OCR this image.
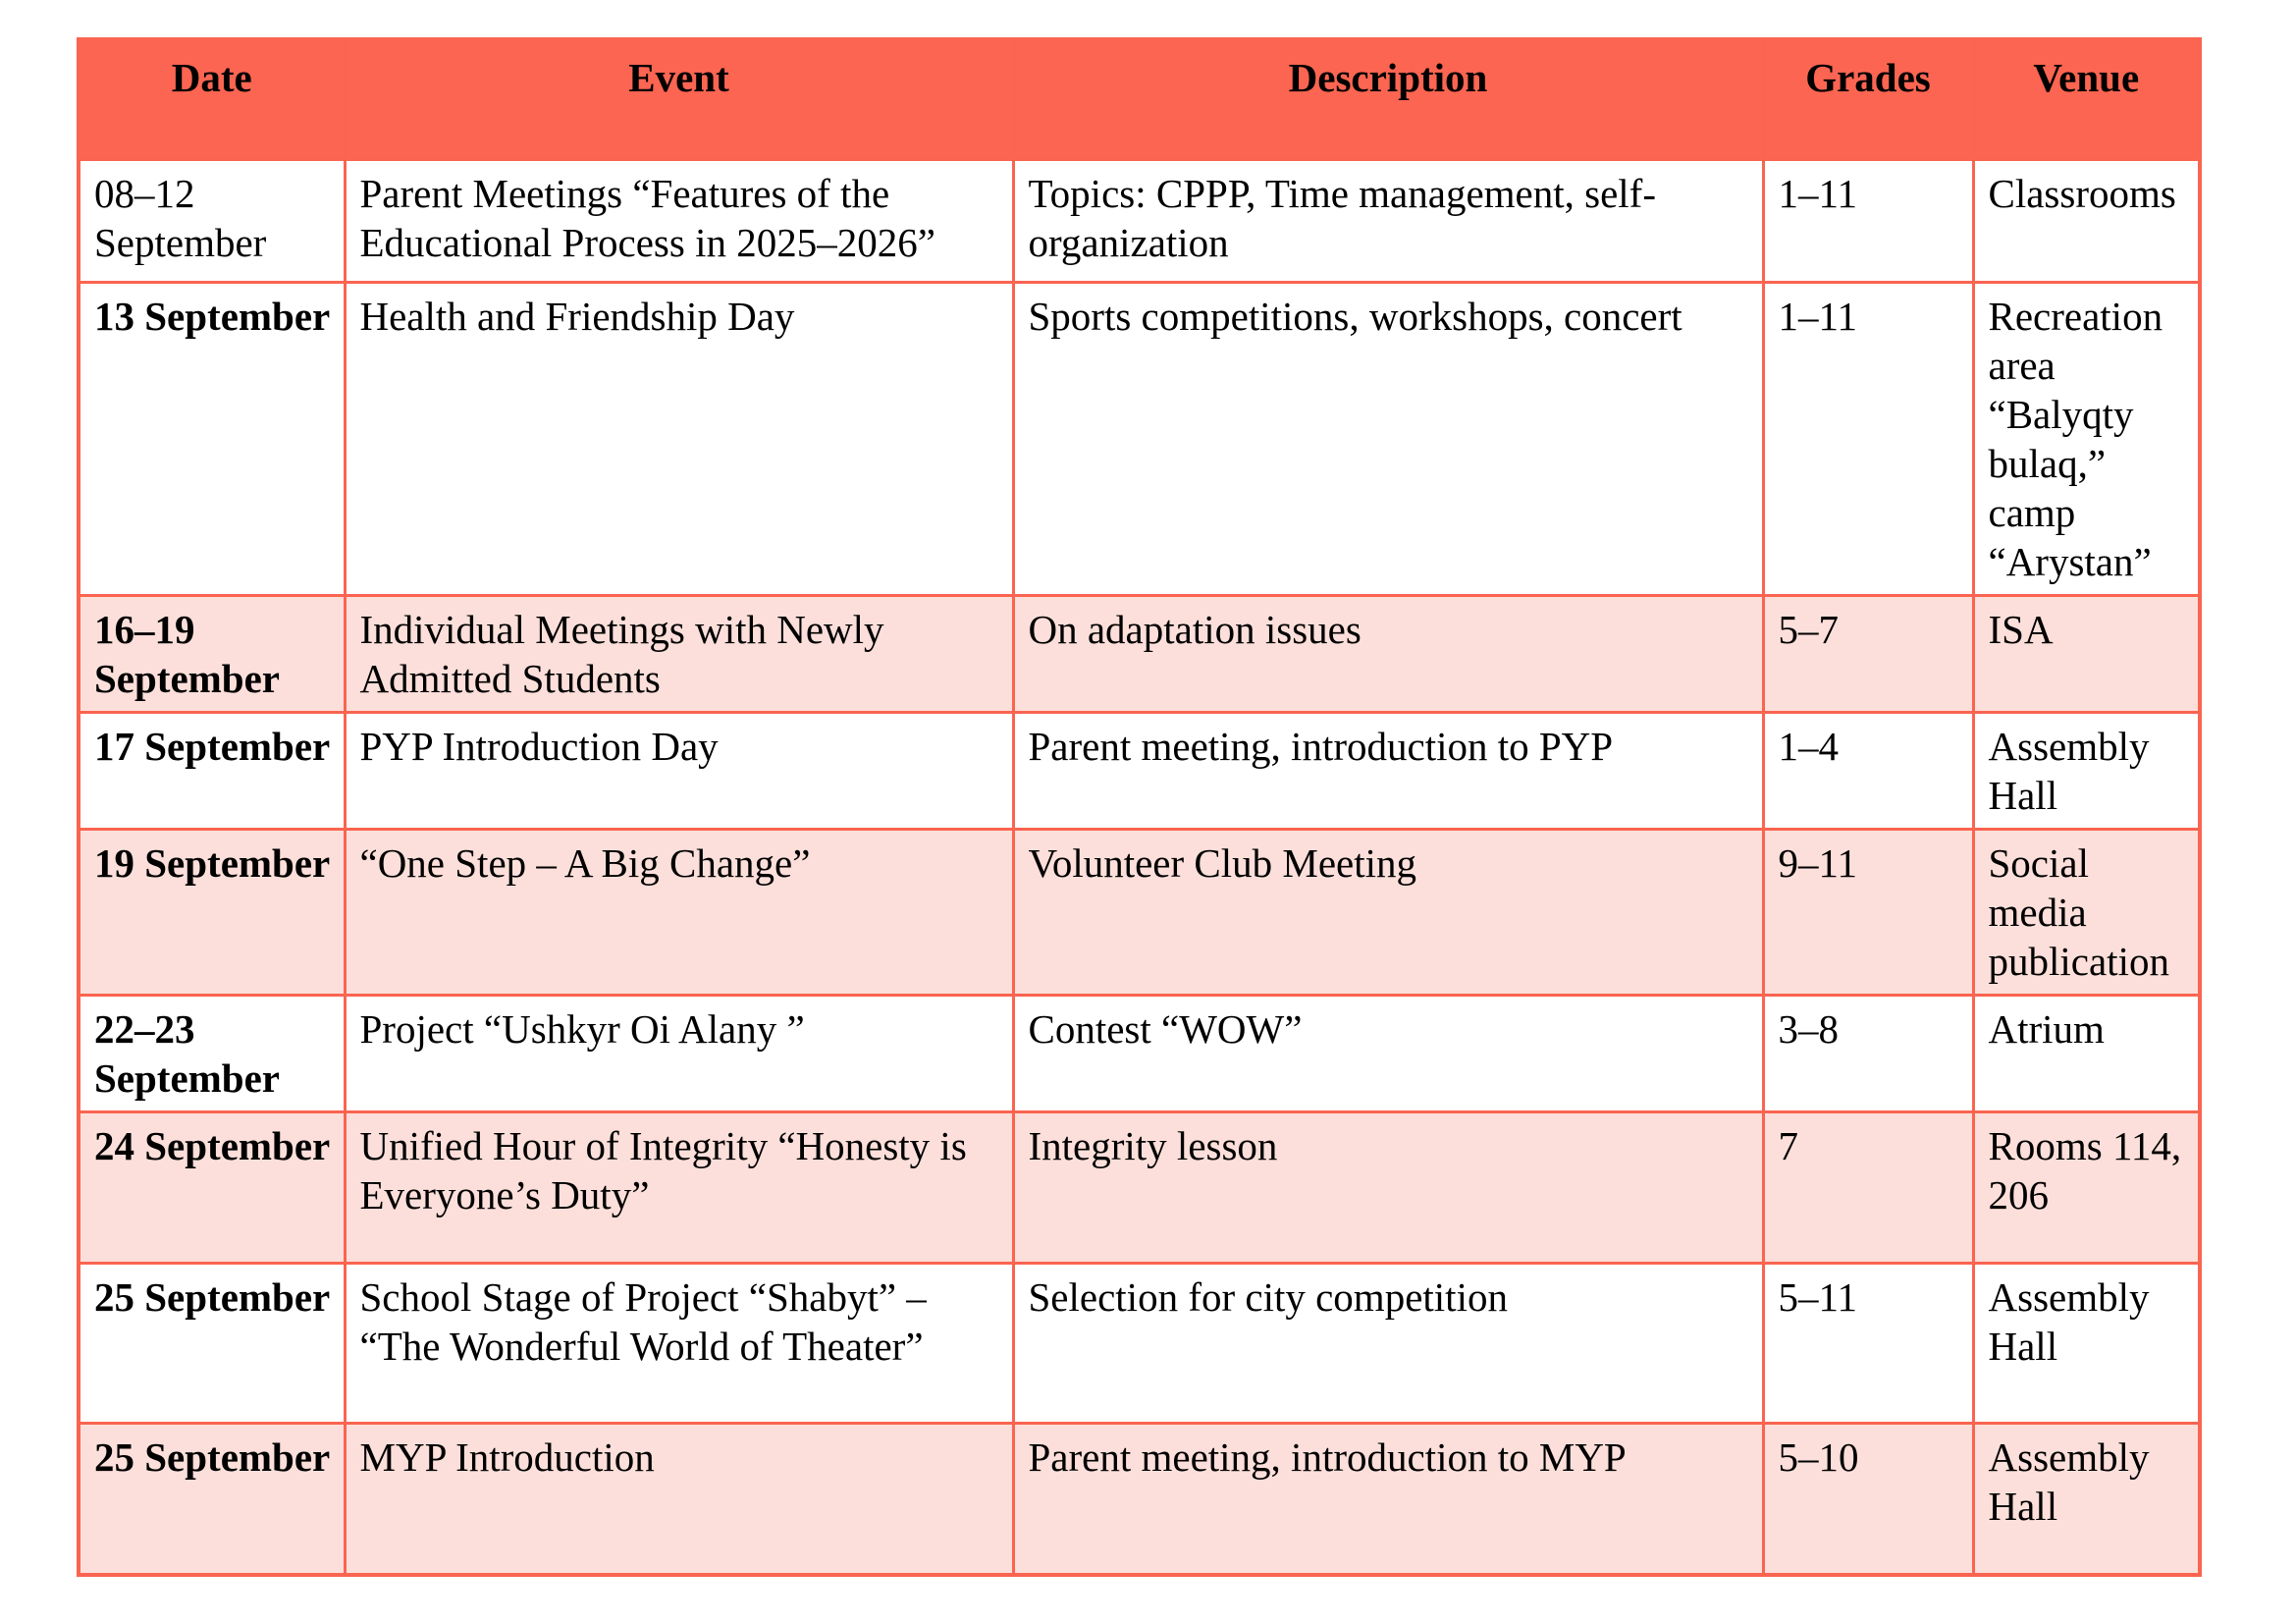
Date	Event	Description	Grades	Venue
08–12 September	Parent Meetings “Features of the Educational Process in 2025–2026”	Topics: CPPP, Time management, self-organization	1–11	Classrooms
13 September	Health and Friendship Day	Sports competitions, workshops, concert	1–11	Recreation area “Balyqty bulaq,” camp “Arystan”
16–19 September	Individual Meetings with Newly Admitted Students	On adaptation issues	5–7	ISA
17 September	PYP Introduction Day	Parent meeting, introduction to PYP	1–4	Assembly Hall
19 September	“One Step – A Big Change”	Volunteer Club Meeting	9–11	Social media publication
22–23 September	Project “Ushkyr Oi Alany ”	Contest “WOW”	3–8	Atrium
24 September	Unified Hour of Integrity “Honesty is Everyone’s Duty”	Integrity lesson	7	Rooms 114, 206
25 September	School Stage of Project “Shabyt” – “The Wonderful World of Theater”	Selection for city competition	5–11	Assembly Hall
25 September	MYP Introduction	Parent meeting, introduction to MYP	5–10	Assembly Hall
